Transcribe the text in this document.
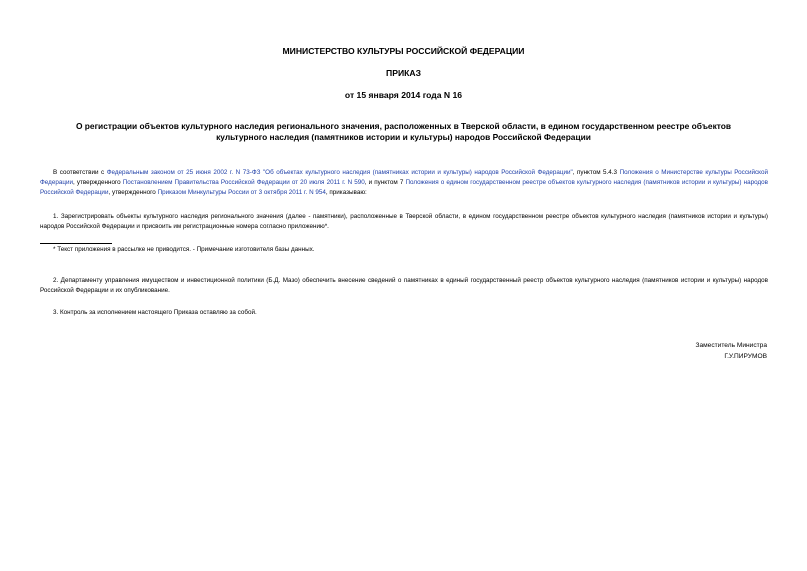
МИНИСТЕРСТВО КУЛЬТУРЫ РОССИЙСКОЙ ФЕДЕРАЦИИ
ПРИКАЗ
от 15 января 2014 года N 16
О регистрации объектов культурного наследия регионального значения, расположенных в Тверской области, в едином государственном реестре объектов
культурного наследия (памятников истории и культуры) народов Российской Федерации
В соответствии с Федеральным законом от 25 июня 2002 г. N 73-ФЗ "Об объектах культурного наследия (памятниках истории и культуры) народов Российской Федерации", пунктом 5.4.3 Положения о Министерстве культуры Российской Федерации, утвержденного Постановлением Правительства Российской Федерации от 20 июля 2011 г. N 590, и пунктом 7 Положения о едином государственном реестре объектов культурного наследия (памятников истории и культуры) народов Российской Федерации, утвержденного Приказом Минкультуры России от 3 октября 2011 г. N 954, приказываю:
1. Зарегистрировать объекты культурного наследия регионального значения (далее - памятники), расположенные в Тверской области, в едином государственном реестре объектов культурного наследия (памятников истории и культуры) народов Российской Федерации и присвоить им регистрационные номера согласно приложению*.
* Текст приложения в рассылке не приводится. - Примечание изготовителя базы данных.
2. Департаменту управления имуществом и инвестиционной политики (Б.Д. Мазо) обеспечить внесение сведений о памятниках в единый государственный реестр объектов культурного наследия (памятников истории и культуры) народов Российской Федерации и их опубликование.
3. Контроль за исполнением настоящего Приказа оставляю за собой.
Заместитель Министра
Г.У.ПИРУМОВ
